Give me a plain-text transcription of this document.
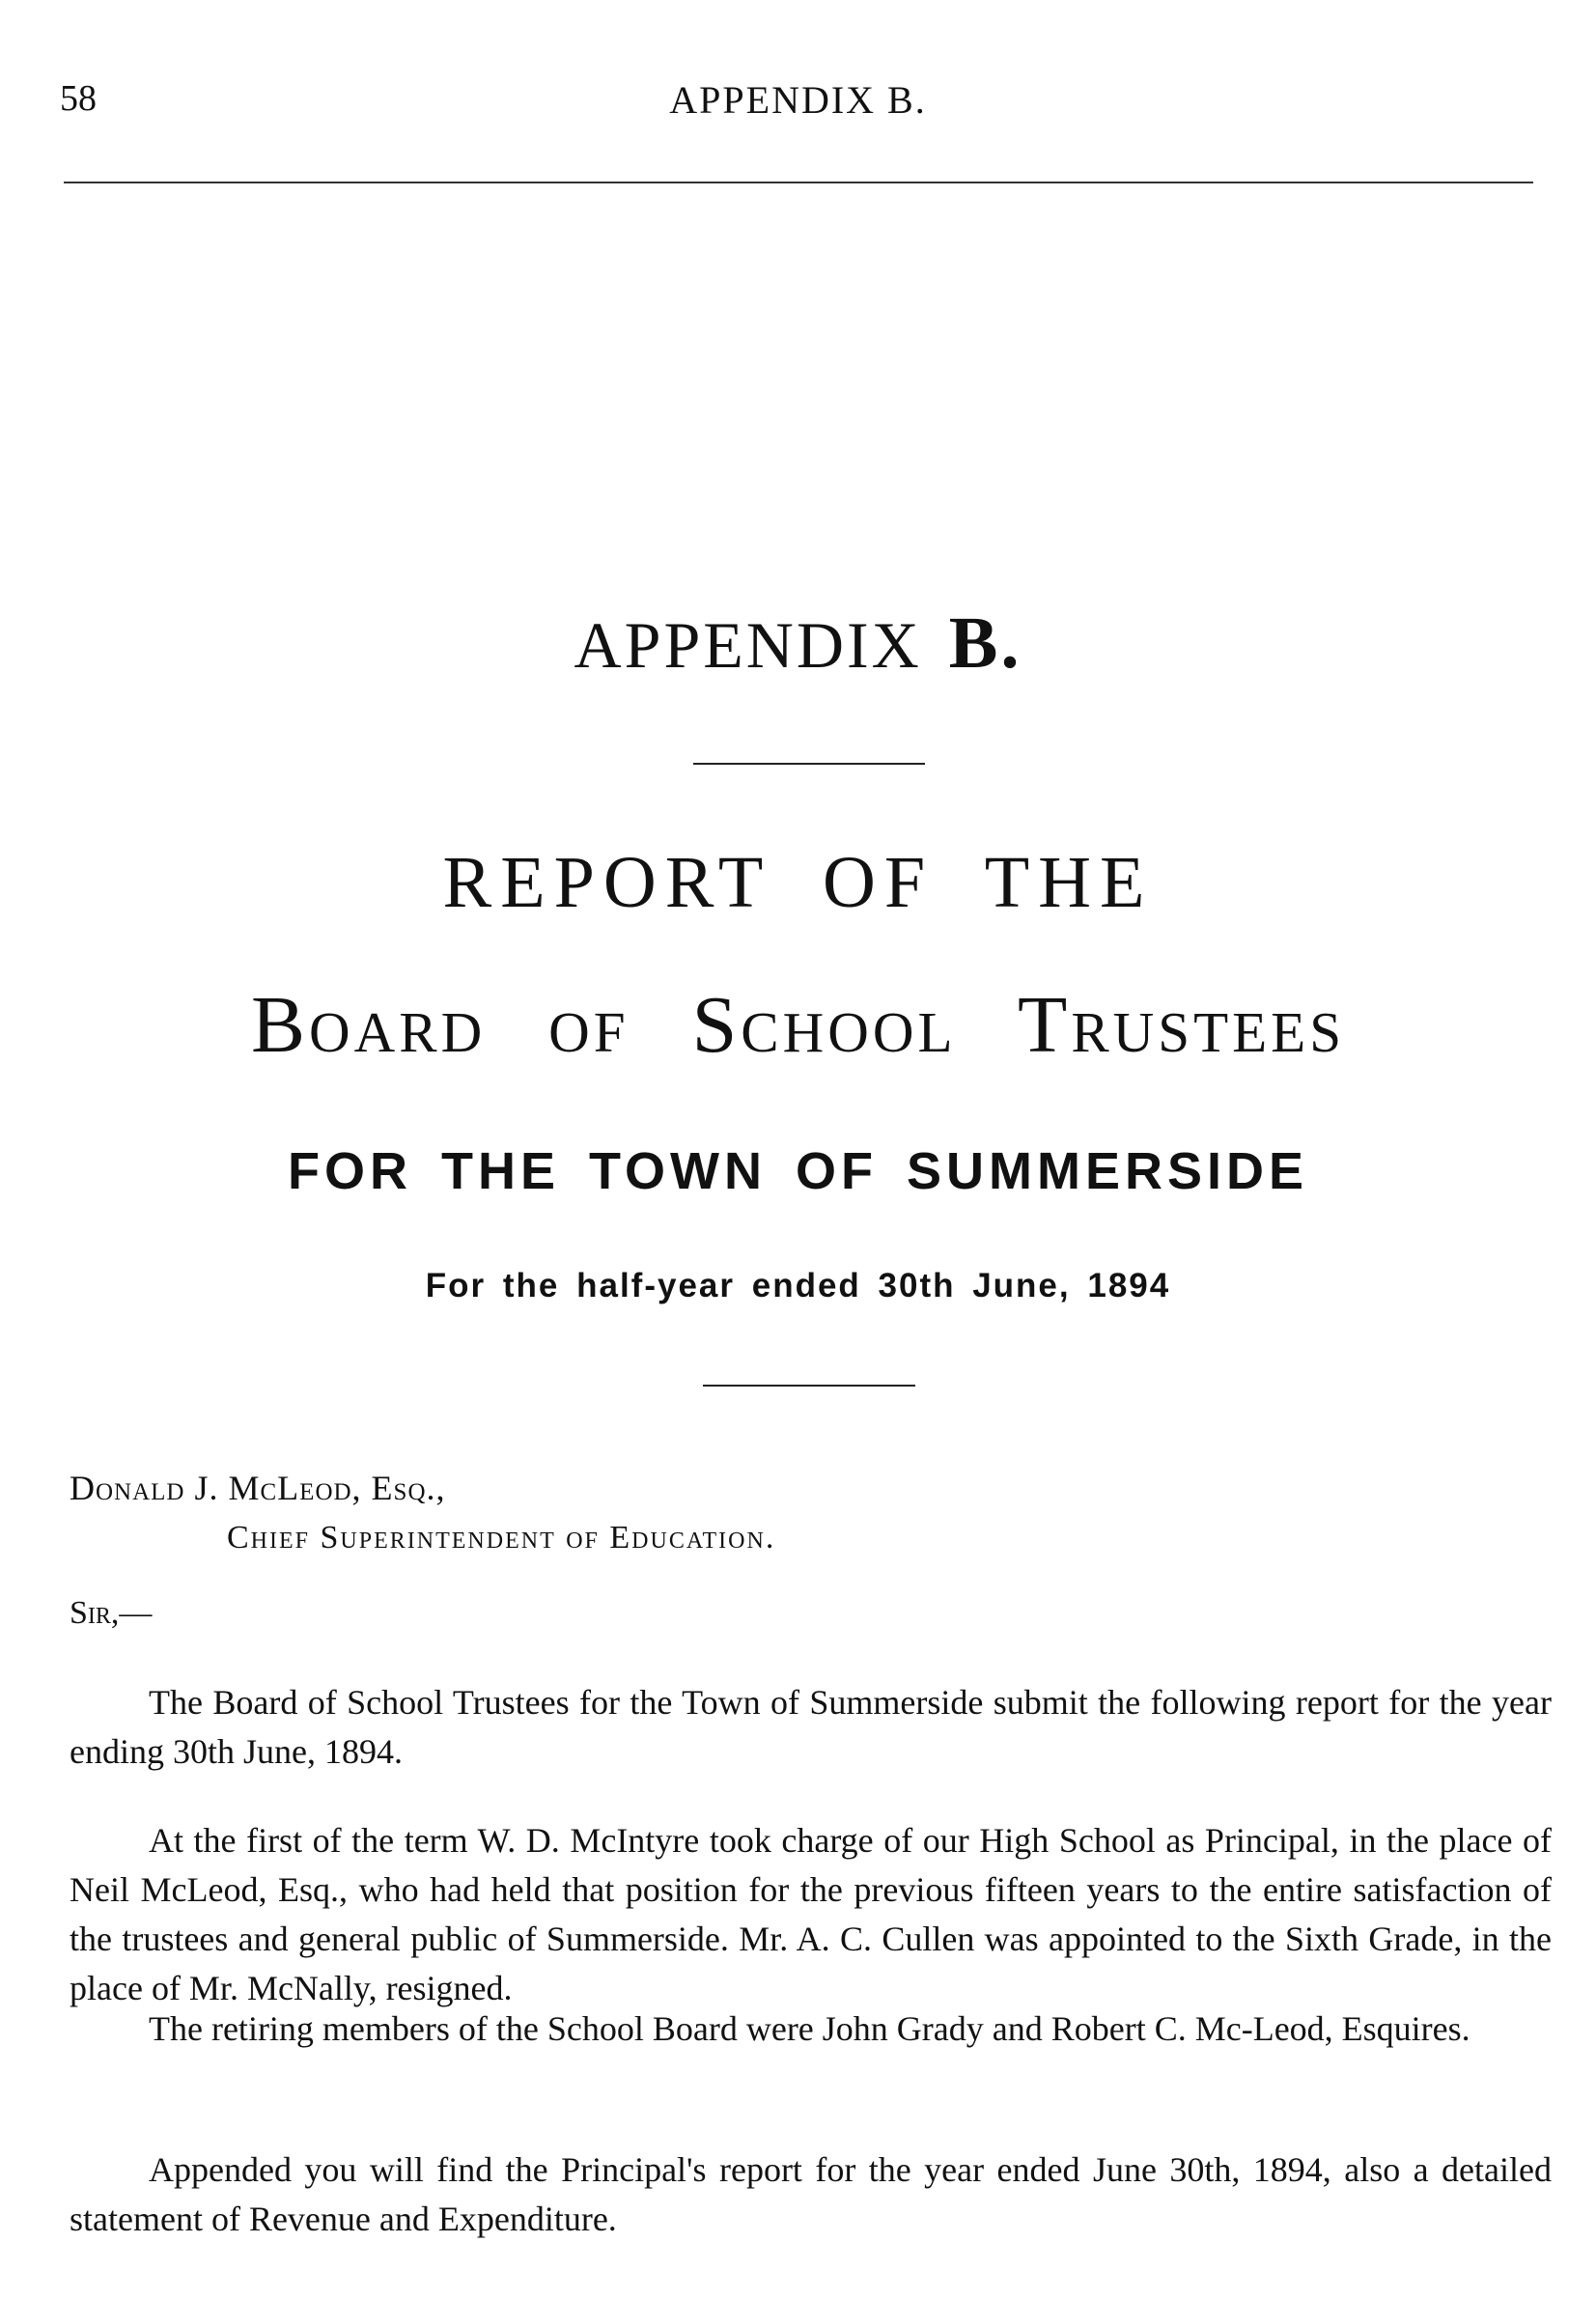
58	APPENDIX B.
APPENDIX B.
REPORT OF THE
Board of School Trustees
FOR THE TOWN OF SUMMERSIDE
For the half-year ended 30th June, 1894
Donald J. McLeod, Esq.,
Chief Superintendent of Education.
Sir,—

The Board of School Trustees for the Town of Summerside submit the following report for the year ending 30th June, 1894.

At the first of the term W. D. McIntyre took charge of our High School as Principal, in the place of Neil McLeod, Esq., who had held that position for the previous fifteen years to the entire satisfaction of the trustees and general public of Summerside. Mr. A. C. Cullen was appointed to the Sixth Grade, in the place of Mr. McNally, resigned.

The retiring members of the School Board were John Grady and Robert C. Mc-Leod, Esquires.

Appended you will find the Principal's report for the year ended June 30th, 1894, also a detailed statement of Revenue and Expenditure.
